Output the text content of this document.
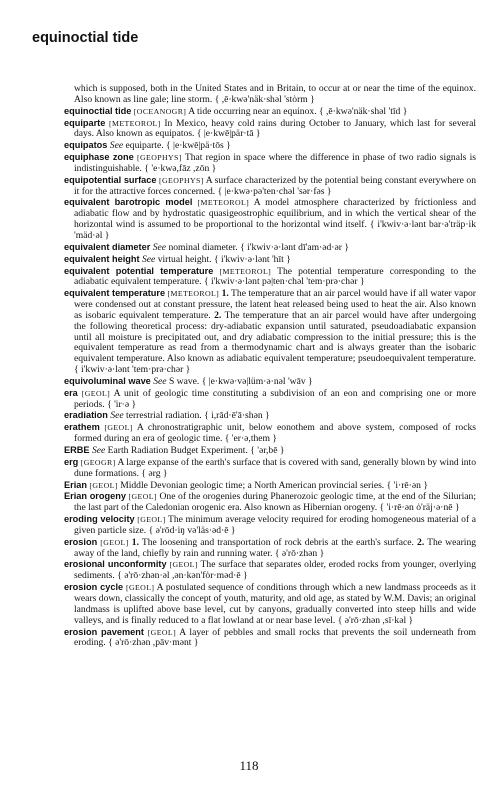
equinoctial tide

which is supposed, both in the United States and in Britain, to occur at or near the time of the equinox. Also known as line gale; line storm. { ,ē·kwə'näk·shəl 'stȯrm }

equinoctial tide [OCEANOGR] A tide occurring near an equinox. { ,ē·kwə'näk·shəl 'tīd }

equiparte [METEOROL] In Mexico, heavy cold rains during October to January, which last for several days. Also known as equipatos. { |e·kwē|pär·tā }

equipatos See equiparte. { |e·kwē|pä·tōs }

equiphase zone [GEOPHYS] That region in space where the difference in phase of two radio signals is indistinguishable. { 'e·kwə,fāz ,zōn }

equipotential surface [GEOPHYS] A surface characterized by the potential being constant everywhere on it for the attractive forces concerned. { |e·kwə·pə'ten·chəl 'sər·fəs }

equivalent barotropic model [METEOROL] A model atmosphere characterized by frictionless and adiabatic flow and by hydrostatic quasigeostrophic equilibrium, and in which the vertical shear of the horizontal wind is assumed to be proportional to the horizontal wind itself. { i'kwiv·ə·lənt bar·ə'träp·ik 'mäd·əl }

equivalent diameter See nominal diameter. { i'kwiv·ə·lənt dī'am·əd·ər }

equivalent height See virtual height. { i'kwiv·ə·lənt 'hīt }

equivalent potential temperature [METEOROL] The potential temperature corresponding to the adiabatic equivalent temperature. { i'kwiv·ə·lənt pə|ten·chəl 'tem·prə·chər }

equivalent temperature [METEOROL] 1. The temperature that an air parcel would have if all water vapor were condensed out at constant pressure, the latent heat released being used to heat the air. Also known as isobaric equivalent temperature. 2. The temperature that an air parcel would have after undergoing the following theoretical process: dry-adiabatic expansion until saturated, pseudoadiabatic expansion until all moisture is precipitated out, and dry adiabatic compression to the initial pressure; this is the equivalent temperature as read from a thermodynamic chart and is always greater than the isobaric equivalent temperature. Also known as adiabatic equivalent temperature; pseudoequivalent temperature. { i'kwiv·ə·lənt 'tem·prə·chər }

equivoluminal wave See S wave. { |e·kwə·və|lüm·ə·nəl 'wāv }

era [GEOL] A unit of geologic time constituting a subdivision of an eon and comprising one or more periods. { 'ir·ə }

eradiation See terrestrial radiation. { i,rād·ē'ā·shən }

erathem [GEOL] A chronostratigraphic unit, below eonothem and above system, composed of rocks formed during an era of geologic time. { 'er·ə,them }

ERBE See Earth Radiation Budget Experiment. { 'ər,bē }

erg [GEOGR] A large expanse of the earth's surface that is covered with sand, generally blown by wind into dune formations. { ərg }

Erian [GEOL] Middle Devonian geologic time; a North American provincial series. { 'i·rē·ən }

Erian orogeny [GEOL] One of the orogenies during Phanerozoic geologic time, at the end of the Silurian; the last part of the Caledonian orogenic era. Also known as Hibernian orogeny. { 'i·rē·ən ȯ'räj·ə·nē }

eroding velocity [GEOL] The minimum average velocity required for eroding homogeneous material of a given particle size. { ə'rōd·iŋ və'läs·əd·ē }

erosion [GEOL] 1. The loosening and transportation of rock debris at the earth's surface. 2. The wearing away of the land, chiefly by rain and running water. { ə'rō·zhən }

erosional unconformity [GEOL] The surface that separates older, eroded rocks from younger, overlying sediments. { ə'rō·zhən·əl ,ən·kən'fȯr·məd·ē }

erosion cycle [GEOL] A postulated sequence of conditions through which a new landmass proceeds as it wears down, classically the concept of youth, maturity, and old age, as stated by W.M. Davis; an original landmass is uplifted above base level, cut by canyons, gradually converted into steep hills and wide valleys, and is finally reduced to a flat lowland at or near base level. { ə'rō·zhən ,sī·kəl }

erosion pavement [GEOL] A layer of pebbles and small rocks that prevents the soil underneath from eroding. { ə'rō·zhən ,pāv·mənt }

118
